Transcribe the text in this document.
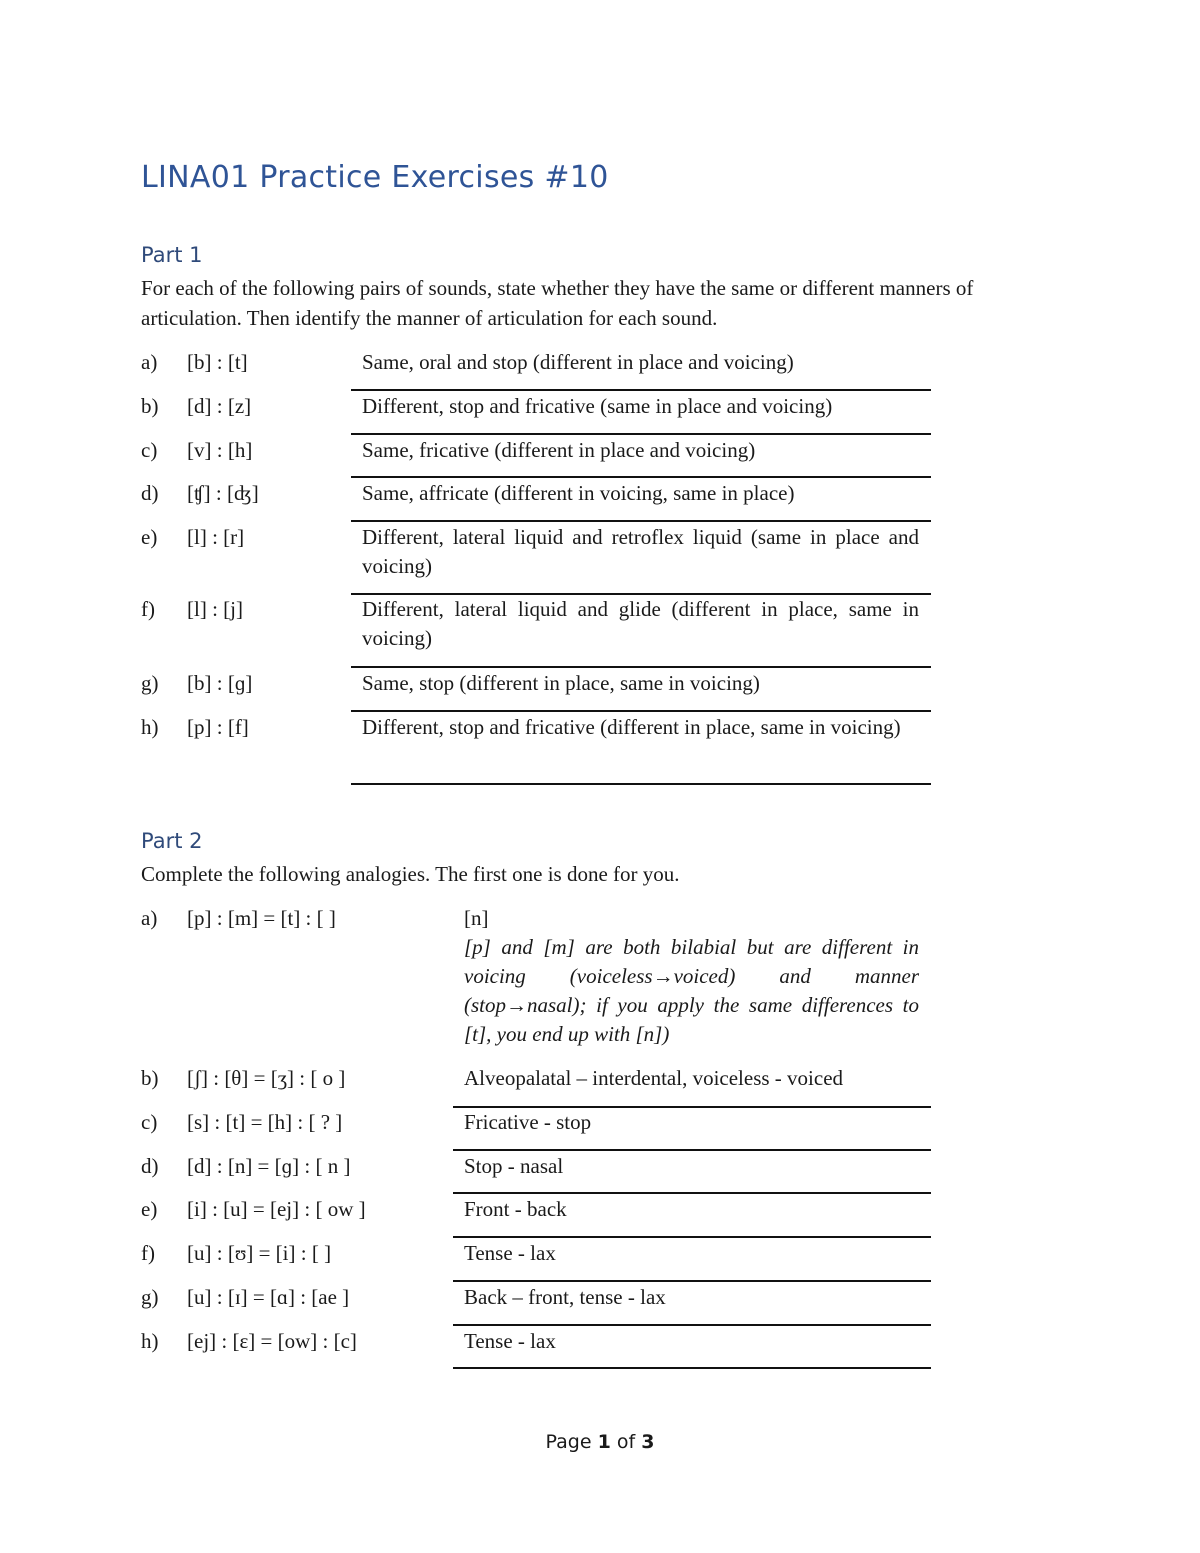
LINA01 Practice Exercises #10
Part 1

For each of the following pairs of sounds, state whether they have the same or different manners of articulation. Then identify the manner of articulation for each sound.

a) [b] : [t]	Same, oral and stop (different in place and voicing)
b) [d] : [z]	Different, stop and fricative (same in place and voicing)
c) [v] : [h]	Same, fricative (different in place and voicing)
d) [ʧ] : [ʤ]	Same, affricate (different in voicing, same in place)
e) [l] : [r]	Different, lateral liquid and retroflex liquid (same in place and voicing)
f) [l] : [j]	Different, lateral liquid and glide (different in place, same in voicing)
g) [b] : [ɡ]	Same, stop (different in place, same in voicing)
h) [p] : [f]	Different, stop and fricative (different in place, same in voicing)
Part 2

Complete the following analogies. The first one is done for you.

a) [p] : [m] = [t] : [ ]	[n]
[p] and [m] are both bilabial but are different in voicing (voiceless→voiced) and manner (stop→nasal); if you apply the same differences to [t], you end up with [n])
b) [ʃ] : [θ] = [ʒ] : [ o ]	Alveopalatal – interdental, voiceless - voiced
c) [s] : [t] = [h] : [ ? ]	Fricative - stop
d) [d] : [n] = [ɡ] : [ n ]	Stop - nasal
e) [i] : [u] = [ej] : [ ow ]	Front - back
f) [u] : [ʊ] = [i] : [ ]	Tense - lax
g) [u] : [ɪ] = [ɑ] : [ae ]	Back – front, tense - lax
h) [ej] : [ɛ] = [ow] : [c]	Tense - lax
Page 1 of 3
